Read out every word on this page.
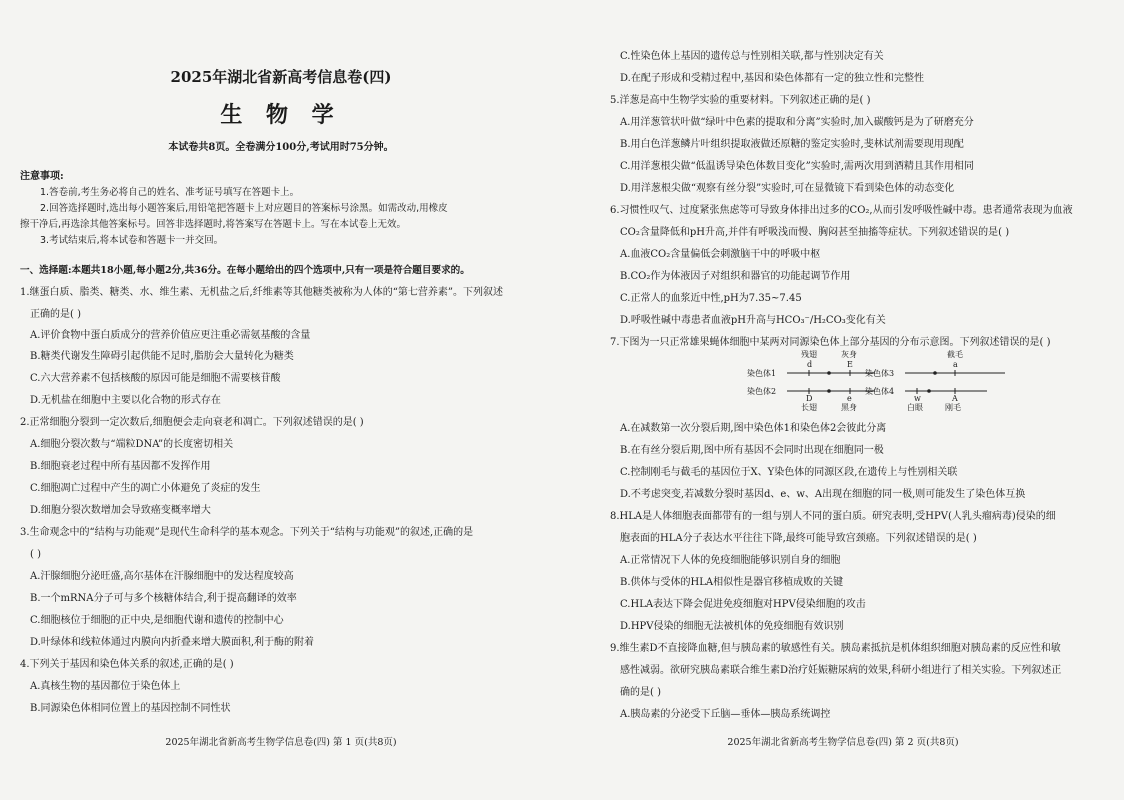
2025年湖北省新高考信息卷(四)
生 物 学
本试卷共8页。全卷满分100分,考试用时75分钟。
注意事项:
1.答卷前,考生务必将自己的姓名、准考证号填写在答题卡上。
2.回答选择题时,选出每小题答案后,用铅笔把答题卡上对应题目的答案标号涂黑。如需改动,用橡皮
擦干净后,再选涂其他答案标号。回答非选择题时,将答案写在答题卡上。写在本试卷上无效。
3.考试结束后,将本试卷和答题卡一并交回。
一、选择题:本题共18小题,每小题2分,共36分。在每小题给出的四个选项中,只有一项是符合题目要求的。
1.继蛋白质、脂类、糖类、水、维生素、无机盐之后,纤维素等其他糖类被称为人体的“第七营养素”。下列叙述
正确的是( )
A.评价食物中蛋白质成分的营养价值应更注重必需氨基酸的含量
B.糖类代谢发生障碍引起供能不足时,脂肪会大量转化为糖类
C.六大营养素不包括核酸的原因可能是细胞不需要核苷酸
D.无机盐在细胞中主要以化合物的形式存在
2.正常细胞分裂到一定次数后,细胞便会走向衰老和凋亡。下列叙述错误的是( )
A.细胞分裂次数与“端粒DNA”的长度密切相关
B.细胞衰老过程中所有基因都不发挥作用
C.细胞凋亡过程中产生的凋亡小体避免了炎症的发生
D.细胞分裂次数增加会导致癌变概率增大
3.生命观念中的“结构与功能观”是现代生命科学的基本观念。下列关于“结构与功能观”的叙述,正确的是
( )
A.汗腺细胞分泌旺盛,高尔基体在汗腺细胞中的发达程度较高
B.一个mRNA分子可与多个核糖体结合,利于提高翻译的效率
C.细胞核位于细胞的正中央,是细胞代谢和遗传的控制中心
D.叶绿体和线粒体通过内膜向内折叠来增大膜面积,利于酶的附着
4.下列关于基因和染色体关系的叙述,正确的是( )
A.真核生物的基因都位于染色体上
B.同源染色体相同位置上的基因控制不同性状
2025年湖北省新高考生物学信息卷(四) 第 1 页(共8页)
C.性染色体上基因的遗传总与性别相关联,都与性别决定有关
D.在配子形成和受精过程中,基因和染色体都有一定的独立性和完整性
5.洋葱是高中生物学实验的重要材料。下列叙述正确的是( )
A.用洋葱管状叶做“绿叶中色素的提取和分离”实验时,加入碳酸钙是为了研磨充分
B.用白色洋葱鳞片叶组织提取液做还原糖的鉴定实验时,斐林试剂需要现用现配
C.用洋葱根尖做“低温诱导染色体数目变化”实验时,需两次用到酒精且其作用相同
D.用洋葱根尖做“观察有丝分裂”实验时,可在显微镜下看到染色体的动态变化
6.习惯性叹气、过度紧张焦虑等可导致身体排出过多的CO₂,从而引发呼吸性碱中毒。患者通常表现为血液
CO₂含量降低和pH升高,并伴有呼吸浅而慢、胸闷甚至抽搐等症状。下列叙述错误的是( )
A.血液CO₂含量偏低会刺激脑干中的呼吸中枢
B.CO₂作为体液因子对组织和器官的功能起调节作用
C.正常人的血浆近中性,pH为7.35~7.45
D.呼吸性碱中毒患者血液pH升高与HCO₃⁻/H₂CO₃变化有关
7.下图为一只正常雄果蝇体细胞中某两对同源染色体上部分基因的分布示意图。下列叙述错误的是( )
A.在减数第一次分裂后期,图中染色体1和染色体2会彼此分离
B.在有丝分裂后期,图中所有基因不会同时出现在细胞同一极
C.控制刚毛与截毛的基因位于X、Y染色体的同源区段,在遗传上与性别相关联
D.不考虑突变,若减数分裂时基因d、e、w、A出现在细胞的同一极,则可能发生了染色体互换
8.HLA是人体细胞表面都带有的一组与别人不同的蛋白质。研究表明,受HPV(人乳头瘤病毒)侵染的细
胞表面的HLA分子表达水平往往下降,最终可能导致宫颈癌。下列叙述错误的是( )
A.正常情况下人体的免疫细胞能够识别自身的细胞
B.供体与受体的HLA相似性是器官移植成败的关键
C.HLA表达下降会促进免疫细胞对HPV侵染细胞的攻击
D.HPV侵染的细胞无法被机体的免疫细胞有效识别
9.维生素D不直接降血糖,但与胰岛素的敏感性有关。胰岛素抵抗是机体组织细胞对胰岛素的反应性和敏
感性减弱。欲研究胰岛素联合维生素D治疗妊娠糖尿病的效果,科研小组进行了相关实验。下列叙述正
确的是( )
A.胰岛素的分泌受下丘脑—垂体—胰岛系统调控
2025年湖北省新高考生物学信息卷(四) 第 2 页(共8页)
染色体1
染色体2
染色体3
染色体4
残翅	灰身	截毛
d	E	a
D	e	w	A
长翅	黑身	白眼	刚毛
